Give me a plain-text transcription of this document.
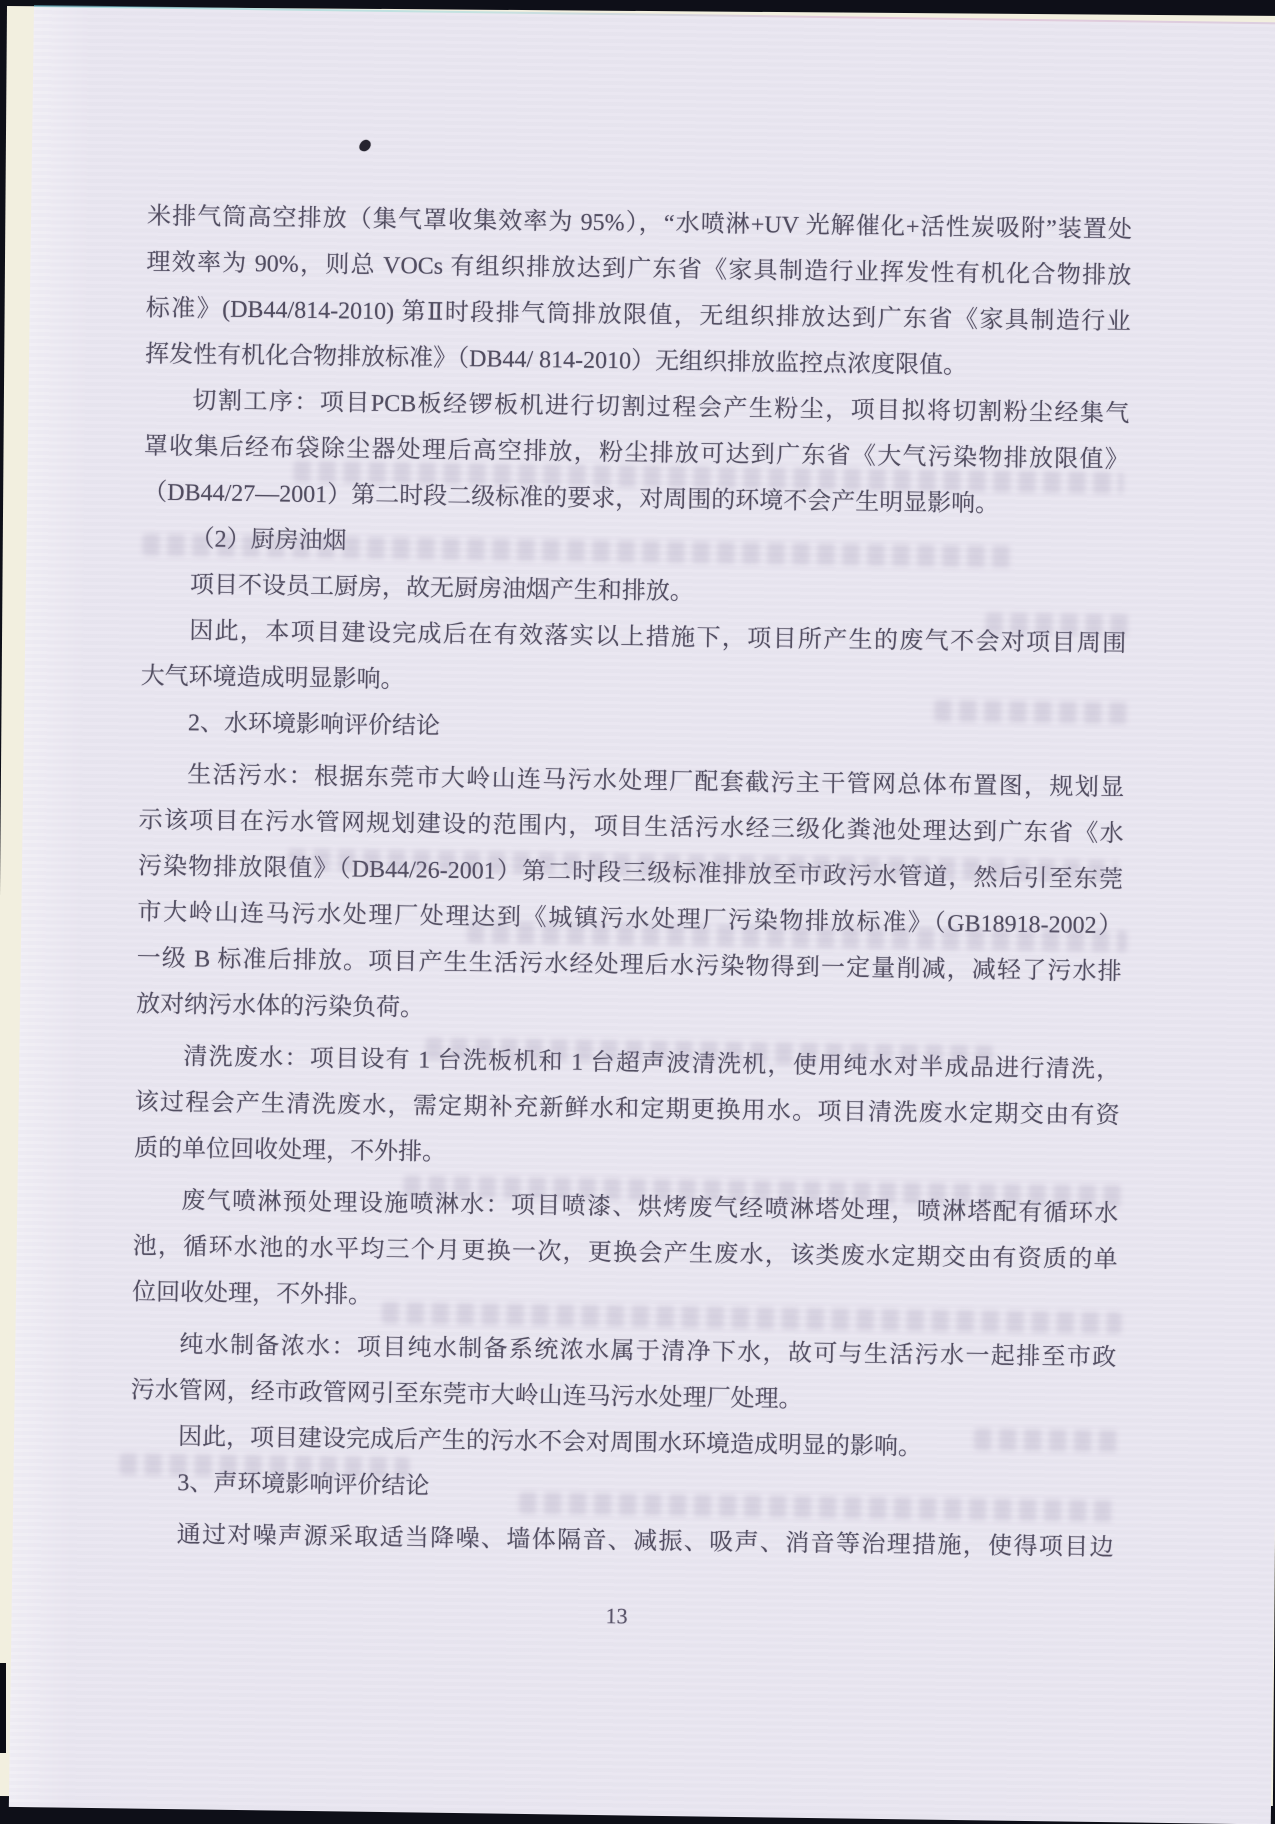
米排气筒高空排放（集气罩收集效率为 95%），“水喷淋+UV 光解催化+活性炭吸附”装置处
理效率为 90%，则总 VOCs 有组织排放达到广东省《家具制造行业挥发性有机化合物排放
标准》(DB44/814-2010) 第Ⅱ时段排气筒排放限值，无组织排放达到广东省《家具制造行业
挥发性有机化合物排放标准》（DB44/ 814-2010）无组织排放监控点浓度限值。
切割工序：项目PCB板经锣板机进行切割过程会产生粉尘，项目拟将切割粉尘经集气
罩收集后经布袋除尘器处理后高空排放，粉尘排放可达到广东省《大气污染物排放限值》
（DB44/27—2001）第二时段二级标准的要求，对周围的环境不会产生明显影响。
（2）厨房油烟
项目不设员工厨房，故无厨房油烟产生和排放。
因此，本项目建设完成后在有效落实以上措施下，项目所产生的废气不会对项目周围
大气环境造成明显影响。
2、水环境影响评价结论
生活污水：根据东莞市大岭山连马污水处理厂配套截污主干管网总体布置图，规划显
示该项目在污水管网规划建设的范围内，项目生活污水经三级化粪池处理达到广东省《水
污染物排放限值》（DB44/26-2001）第二时段三级标准排放至市政污水管道，然后引至东莞
市大岭山连马污水处理厂处理达到《城镇污水处理厂污染物排放标准》（GB18918-2002）
一级 B 标准后排放。项目产生生活污水经处理后水污染物得到一定量削减，减轻了污水排
放对纳污水体的污染负荷。
清洗废水：项目设有 1 台洗板机和 1 台超声波清洗机，使用纯水对半成品进行清洗，
该过程会产生清洗废水，需定期补充新鲜水和定期更换用水。项目清洗废水定期交由有资
质的单位回收处理，不外排。
废气喷淋预处理设施喷淋水：项目喷漆、烘烤废气经喷淋塔处理，喷淋塔配有循环水
池，循环水池的水平均三个月更换一次，更换会产生废水，该类废水定期交由有资质的单
位回收处理，不外排。
纯水制备浓水：项目纯水制备系统浓水属于清净下水，故可与生活污水一起排至市政
污水管网，经市政管网引至东莞市大岭山连马污水处理厂处理。
因此，项目建设完成后产生的污水不会对周围水环境造成明显的影响。
3、声环境影响评价结论
通过对噪声源采取适当降噪、墙体隔音、减振、吸声、消音等治理措施，使得项目边
13
